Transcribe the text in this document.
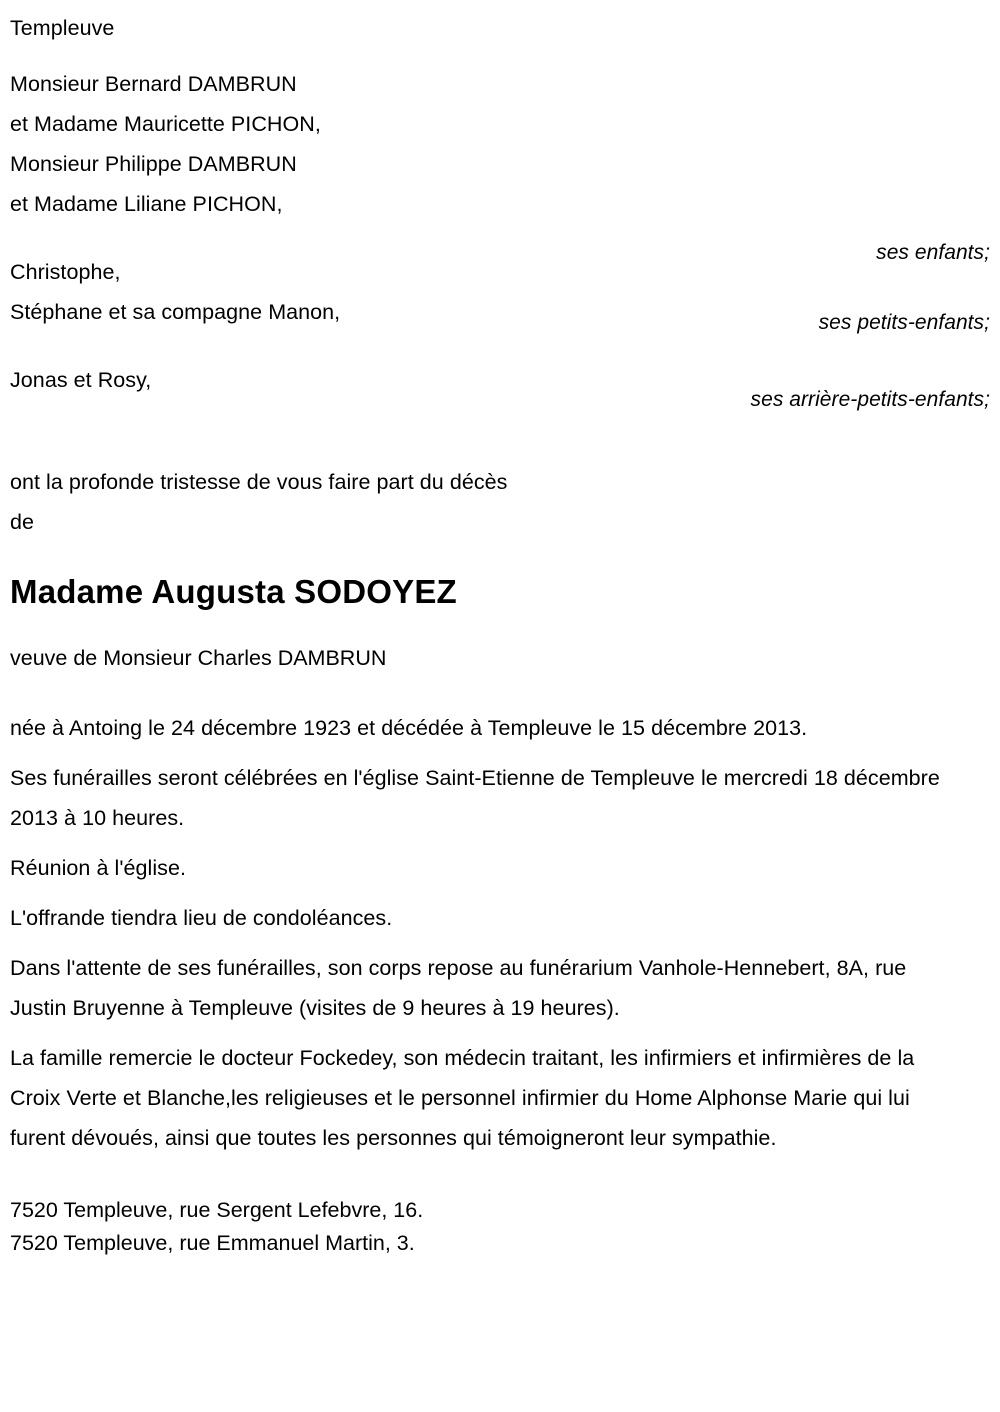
Templeuve
Monsieur Bernard DAMBRUN
et Madame Mauricette PICHON,
Monsieur Philippe DAMBRUN
et Madame Liliane PICHON,
ses enfants;
Christophe,
Stéphane et sa compagne Manon,	ses petits-enfants;
Jonas et Rosy,
ses arrière-petits-enfants;
ont la profonde tristesse de vous faire part du décès
de
Madame Augusta SODOYEZ
veuve de Monsieur Charles DAMBRUN
née à Antoing le 24 décembre 1923 et décédée à Templeuve le 15 décembre 2013.
Ses funérailles seront célébrées en l'église Saint-Etienne de Templeuve le mercredi 18 décembre 2013 à 10 heures.
Réunion à l'église.
L'offrande tiendra lieu de condoléances.
Dans l'attente de ses funérailles, son corps repose au funérarium Vanhole-Hennebert, 8A, rue Justin Bruyenne à Templeuve (visites de 9 heures à 19 heures).
La famille remercie le docteur Fockedey, son médecin traitant, les infirmiers et infirmières de la Croix Verte et Blanche,les religieuses et le personnel infirmier du Home Alphonse Marie qui lui furent dévoués, ainsi que toutes les personnes qui témoigneront leur sympathie.
7520 Templeuve, rue Sergent Lefebvre, 16.
7520 Templeuve, rue Emmanuel Martin, 3.
